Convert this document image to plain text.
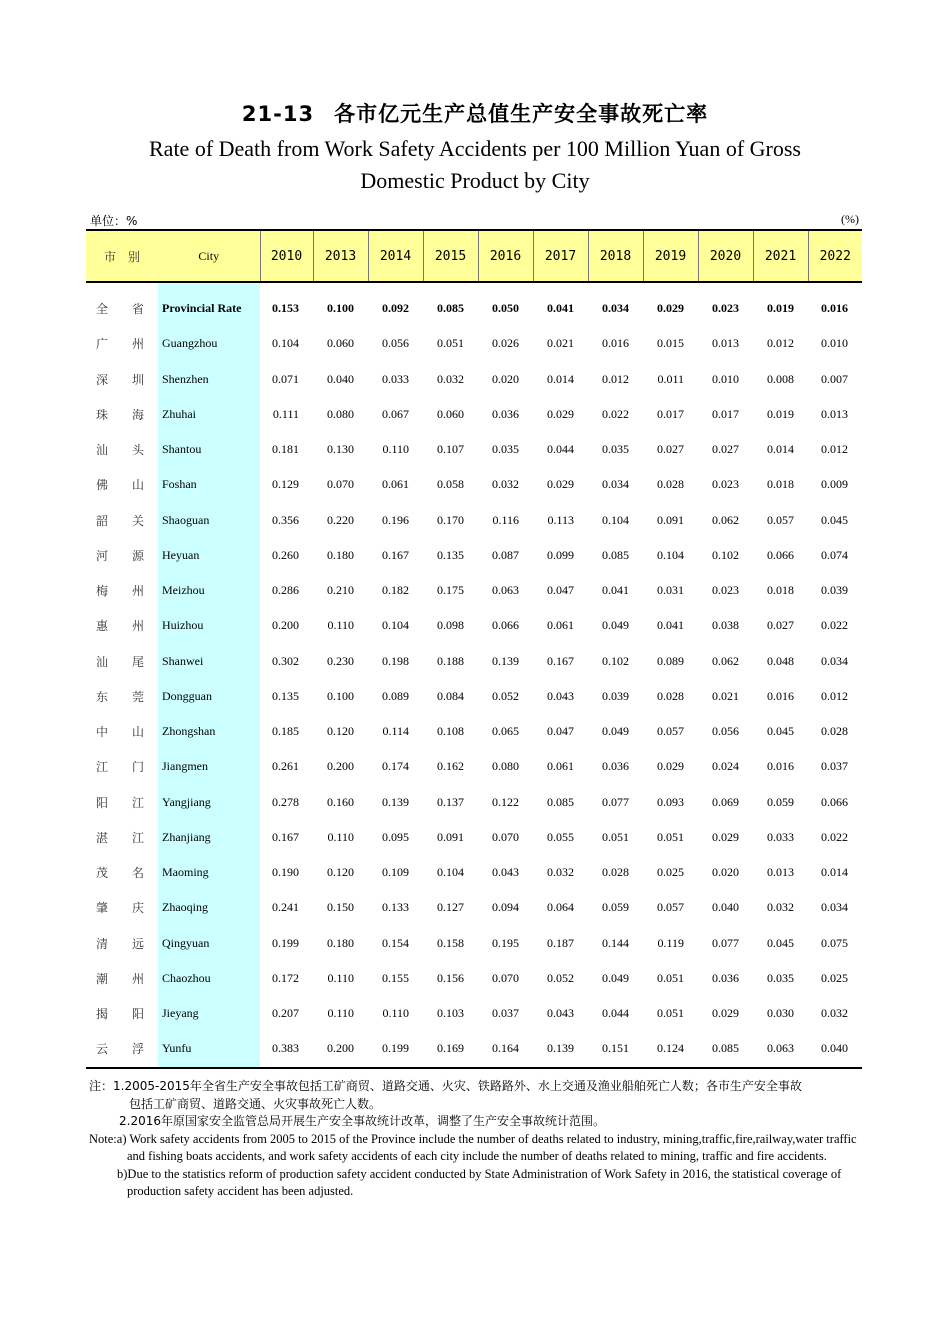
21-13 各市亿元生产总值生产安全事故死亡率
Rate of Death from Work Safety Accidents per 100 Million Yuan of Gross
Domestic Product by City
单位：%	(%)
市	别	City	2010	2013	2014	2015	2016	2017	2018	2019	2020	2021	2022

全	省	Provincial Rate	0.153	0.100	0.092	0.085	0.050	0.041	0.034	0.029	0.023	0.019	0.016
广	州	Guangzhou	0.104	0.060	0.056	0.051	0.026	0.021	0.016	0.015	0.013	0.012	0.010
深	圳	Shenzhen	0.071	0.040	0.033	0.032	0.020	0.014	0.012	0.011	0.010	0.008	0.007
珠	海	Zhuhai	0.111	0.080	0.067	0.060	0.036	0.029	0.022	0.017	0.017	0.019	0.013
汕	头	Shantou	0.181	0.130	0.110	0.107	0.035	0.044	0.035	0.027	0.027	0.014	0.012
佛	山	Foshan	0.129	0.070	0.061	0.058	0.032	0.029	0.034	0.028	0.023	0.018	0.009
韶	关	Shaoguan	0.356	0.220	0.196	0.170	0.116	0.113	0.104	0.091	0.062	0.057	0.045
河	源	Heyuan	0.260	0.180	0.167	0.135	0.087	0.099	0.085	0.104	0.102	0.066	0.074
梅	州	Meizhou	0.286	0.210	0.182	0.175	0.063	0.047	0.041	0.031	0.023	0.018	0.039
惠	州	Huizhou	0.200	0.110	0.104	0.098	0.066	0.061	0.049	0.041	0.038	0.027	0.022
汕	尾	Shanwei	0.302	0.230	0.198	0.188	0.139	0.167	0.102	0.089	0.062	0.048	0.034
东	莞	Dongguan	0.135	0.100	0.089	0.084	0.052	0.043	0.039	0.028	0.021	0.016	0.012
中	山	Zhongshan	0.185	0.120	0.114	0.108	0.065	0.047	0.049	0.057	0.056	0.045	0.028
江	门	Jiangmen	0.261	0.200	0.174	0.162	0.080	0.061	0.036	0.029	0.024	0.016	0.037
阳	江	Yangjiang	0.278	0.160	0.139	0.137	0.122	0.085	0.077	0.093	0.069	0.059	0.066
湛	江	Zhanjiang	0.167	0.110	0.095	0.091	0.070	0.055	0.051	0.051	0.029	0.033	0.022
茂	名	Maoming	0.190	0.120	0.109	0.104	0.043	0.032	0.028	0.025	0.020	0.013	0.014
肇	庆	Zhaoqing	0.241	0.150	0.133	0.127	0.094	0.064	0.059	0.057	0.040	0.032	0.034
清	远	Qingyuan	0.199	0.180	0.154	0.158	0.195	0.187	0.144	0.119	0.077	0.045	0.075
潮	州	Chaozhou	0.172	0.110	0.155	0.156	0.070	0.052	0.049	0.051	0.036	0.035	0.025
揭	阳	Jieyang	0.207	0.110	0.110	0.103	0.037	0.043	0.044	0.051	0.029	0.030	0.032
云	浮	Yunfu	0.383	0.200	0.199	0.169	0.164	0.139	0.151	0.124	0.085	0.063	0.040
注：1.2005-2015年全省生产安全事故包括工矿商贸、道路交通、火灾、铁路路外、水上交通及渔业船舶死亡人数；各市生产安全事故
包括工矿商贸、道路交通、火灾事故死亡人数。
2.2016年原国家安全监管总局开展生产安全事故统计改革，调整了生产安全事故统计范围。
Note:a) Work safety accidents from 2005 to 2015 of the Province include the number of deaths related to industry, mining,traffic,fire,railway,water traffic and fishing boats accidents, and work safety accidents of each city include the number of deaths related to mining, traffic and fire accidents.
b)Due to the statistics reform of production safety accident conducted by State Administration of Work Safety in 2016, the statistical coverage of production safety accident has been adjusted.
